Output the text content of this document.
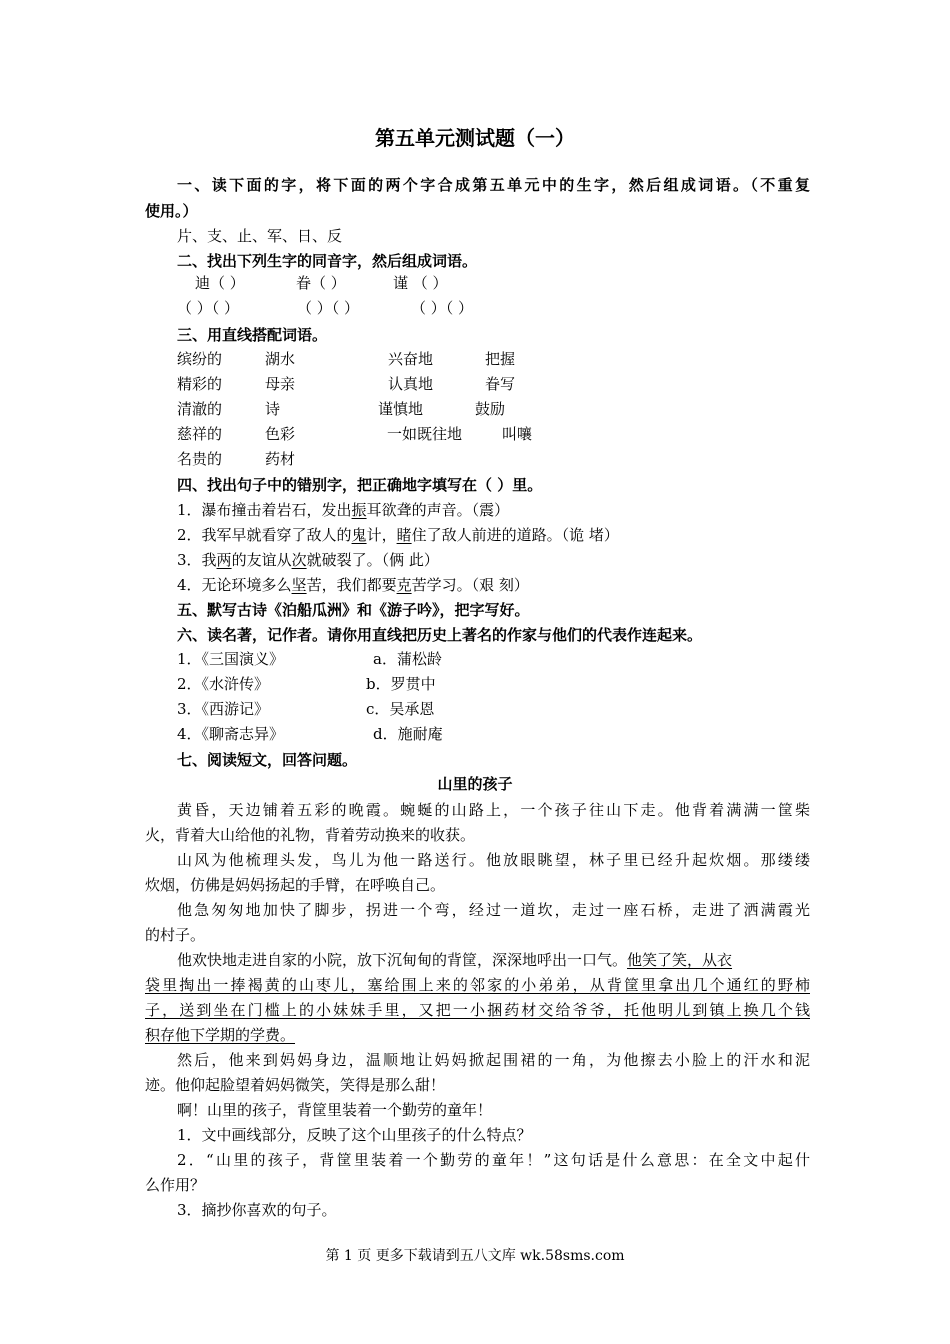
第五单元测试题（一）
一、读下面的字，将下面的两个字合成第五单元中的生字，然后组成词语。（不重复
使用。）
片、支、止、军、日、反
二、找出下列生字的同音字，然后组成词语。
迪（ ）	眷（ ）	谨 （ ）
（ ）（ ）	（ ）（ ）	（ ）（ ）
三、用直线搭配词语。
缤纷的	湖水	兴奋地	把握
精彩的	母亲	认真地	眷写
清澈的	诗	谨慎地	鼓励
慈祥的	色彩	一如既往地	叫嚷
名贵的	药材
四、找出句子中的错别字，把正确地字填写在（ ）里。
1．瀑布撞击着岩石，发出振耳欲聋的声音。（震）
2．我军早就看穿了敌人的鬼计，睹住了敌人前进的道路。（诡 堵）
3．我两的友谊从次就破裂了。（俩 此）
4．无论环境多么坚苦，我们都要克苦学习。（艰 刻）
五、默写古诗《泊船瓜洲》和《游子吟》，把字写好。
六、读名著，记作者。请你用直线把历史上著名的作家与他们的代表作连起来。
1．《三国演义》	a．蒲松龄
2．《水浒传》	b．罗贯中
3．《西游记》	c．吴承恩
4．《聊斋志异》	d．施耐庵
七、阅读短文，回答问题。
山里的孩子
黄昏，天边铺着五彩的晚霞。蜿蜒的山路上，一个孩子往山下走。他背着满满一筐柴
火，背着大山给他的礼物，背着劳动换来的收获。
山风为他梳理头发，鸟儿为他一路送行。他放眼眺望，林子里已经升起炊烟。那缕缕
炊烟，仿佛是妈妈扬起的手臂，在呼唤自己。
他急匆匆地加快了脚步，拐进一个弯，经过一道坎，走过一座石桥，走进了洒满霞光
的村子。
他欢快地走进自家的小院，放下沉甸甸的背筐，深深地呼出一口气。他笑了笑，从衣
袋里掏出一捧褐黄的山枣儿，塞给围上来的邻家的小弟弟，从背筐里拿出几个通红的野柿
子，送到坐在门槛上的小妹妹手里，又把一小捆药材交给爷爷，托他明儿到镇上换几个钱
积存他下学期的学费。
然后，他来到妈妈身边，温顺地让妈妈掀起围裙的一角，为他擦去小脸上的汗水和泥
迹。他仰起脸望着妈妈微笑，笑得是那么甜！
啊！山里的孩子，背筐里装着一个勤劳的童年！
1．文中画线部分，反映了这个山里孩子的什么特点？
2．“山里的孩子，背筐里装着一个勤劳的童年！”这句话是什么意思：在全文中起什
么作用？
3．摘抄你喜欢的句子。
第 1 页 更多下载请到五八文库 wk.58sms.com
